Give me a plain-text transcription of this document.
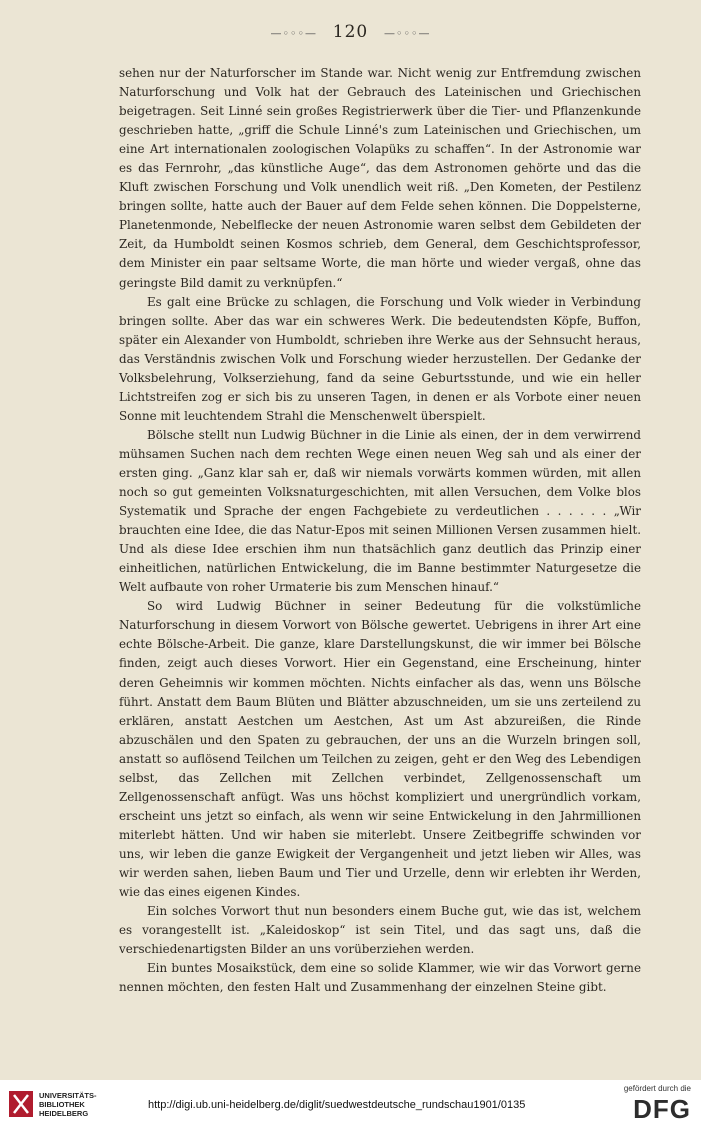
—◦◦◦— 120 —◦◦◦—

sehen nur der Naturforscher im Stande war. Nicht wenig zur Entfremdung zwischen Naturforschung und Volk hat der Gebrauch des Lateinischen und Griechischen beigetragen. Seit Linné sein großes Registrierwerk über die Tier- und Pflanzenkunde geschrieben hatte, „griff die Schule Linné's zum Lateinischen und Griechischen, um eine Art internationalen zoologischen Volapüks zu schaffen“. In der Astronomie war es das Fernrohr, „das künstliche Auge“, das dem Astronomen gehörte und das die Kluft zwischen Forschung und Volk unendlich weit riß. „Den Kometen, der Pestilenz bringen sollte, hatte auch der Bauer auf dem Felde sehen können. Die Doppelsterne, Planetenmonde, Nebelflecke der neuen Astronomie waren selbst dem Gebildeten der Zeit, da Humboldt seinen Kosmos schrieb, dem General, dem Geschichtsprofessor, dem Minister ein paar seltsame Worte, die man hörte und wieder vergaß, ohne das geringste Bild damit zu verknüpfen.“

Es galt eine Brücke zu schlagen, die Forschung und Volk wieder in Verbindung bringen sollte. Aber das war ein schweres Werk. Die bedeutendsten Köpfe, Buffon, später ein Alexander von Humboldt, schrieben ihre Werke aus der Sehnsucht heraus, das Verständnis zwischen Volk und Forschung wieder herzustellen. Der Gedanke der Volksbelehrung, Volkserziehung, fand da seine Geburtsstunde, und wie ein heller Lichtstreifen zog er sich bis zu unseren Tagen, in denen er als Vorbote einer neuen Sonne mit leuchtendem Strahl die Menschenwelt überspielt.

Bölsche stellt nun Ludwig Büchner in die Linie als einen, der in dem verwirrend mühsamen Suchen nach dem rechten Wege einen neuen Weg sah und als einer der ersten ging. „Ganz klar sah er, daß wir niemals vorwärts kommen würden, mit allen noch so gut gemeinten Volksnaturgeschichten, mit allen Versuchen, dem Volke blos Systematik und Sprache der engen Fachgebiete zu verdeutlichen . . . . . . „Wir brauchten eine Idee, die das Natur-Epos mit seinen Millionen Versen zusammen hielt. Und als diese Idee erschien ihm nun thatsächlich ganz deutlich das Prinzip einer einheitlichen, natürlichen Entwickelung, die im Banne bestimmter Naturgesetze die Welt aufbaute von roher Urmaterie bis zum Menschen hinauf.“

So wird Ludwig Büchner in seiner Bedeutung für die volkstümliche Naturforschung in diesem Vorwort von Bölsche gewertet. Uebrigens in ihrer Art eine echte Bölsche-Arbeit. Die ganze, klare Darstellungskunst, die wir immer bei Bölsche finden, zeigt auch dieses Vorwort. Hier ein Gegenstand, eine Erscheinung, hinter deren Geheimnis wir kommen möchten. Nichts einfacher als das, wenn uns Bölsche führt. Anstatt dem Baum Blüten und Blätter abzuschneiden, um sie uns zerteilend zu erklären, anstatt Aestchen um Aestchen, Ast um Ast abzureißen, die Rinde abzuschälen und den Spaten zu gebrauchen, der uns an die Wurzeln bringen soll, anstatt so auflösend Teilchen um Teilchen zu zeigen, geht er den Weg des Lebendigen selbst, das Zellchen mit Zellchen verbindet, Zellgenossenschaft um Zellgenossenschaft anfügt. Was uns höchst kompliziert und unergründlich vorkam, erscheint uns jetzt so einfach, als wenn wir seine Entwickelung in den Jahrmillionen miterlebt hätten. Und wir haben sie miterlebt. Unsere Zeitbegriffe schwinden vor uns, wir leben die ganze Ewigkeit der Vergangenheit und jetzt lieben wir Alles, was wir werden sahen, lieben Baum und Tier und Urzelle, denn wir erlebten ihr Werden, wie das eines eigenen Kindes.

Ein solches Vorwort thut nun besonders einem Buche gut, wie das ist, welchem es vorangestellt ist. „Kaleidoskop“ ist sein Titel, und das sagt uns, daß die verschiedenartigsten Bilder an uns vorüberziehen werden.

Ein buntes Mosaikstück, dem eine so solide Klammer, wie wir das Vorwort gerne nennen möchten, den festen Halt und Zusammenhang der einzelnen Steine gibt.

UNIVERSITÄTS-
BIBLIOTHEK
HEIDELBERG
http://digi.ub.uni-heidelberg.de/diglit/suedwestdeutsche_rundschau1901/0135
gefördert durch die
DFG
